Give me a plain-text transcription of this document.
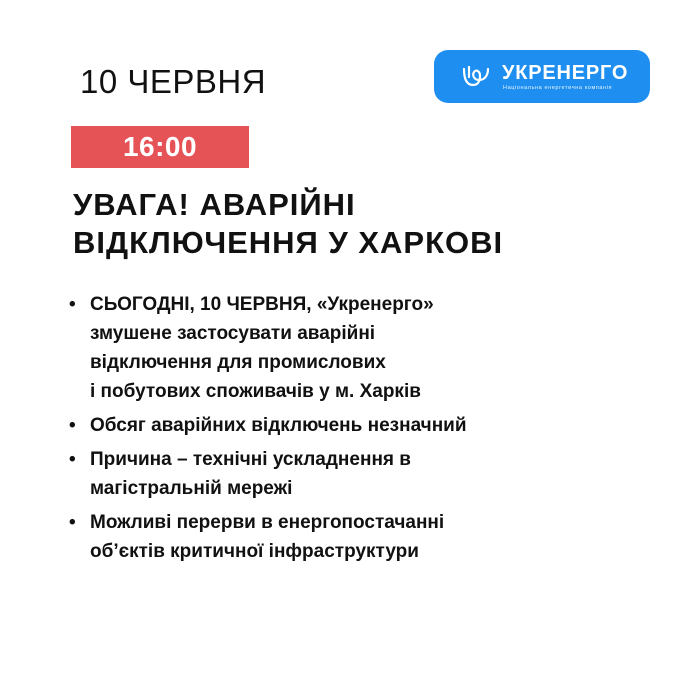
10 ЧЕРВНЯ	УКРЕНЕРГО
Національна енергетична компанія
16:00
УВАГА! АВАРІЙНІ
ВІДКЛЮЧЕННЯ У ХАРКОВІ
• СЬОГОДНІ, 10 ЧЕРВНЯ, «Укренерго»
змушене застосувати аварійні
відключення для промислових
і побутових споживачів у м. Харків
• Обсяг аварійних відключень незначний
• Причина – технічні ускладнення в
магістральній мережі
• Можливі перерви в енергопостачанні
об’єктів критичної інфраструктури
